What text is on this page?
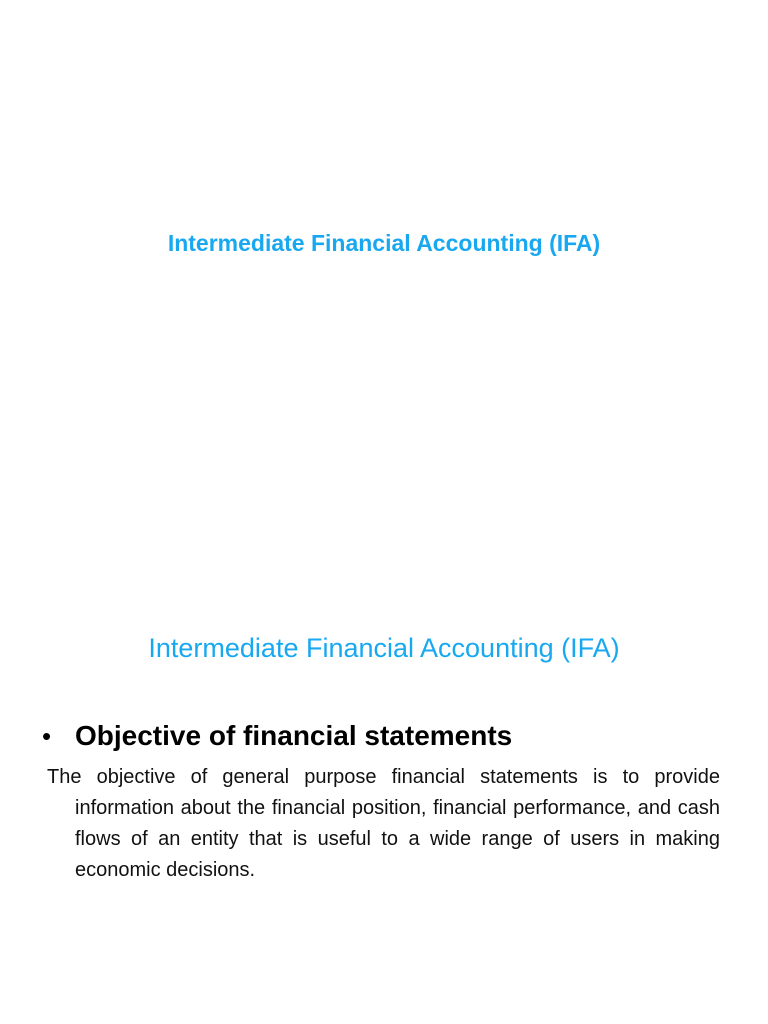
Intermediate Financial Accounting (IFA)
Intermediate Financial Accounting (IFA)
• Objective of financial statements

The objective of general purpose financial statements is to provide information about the financial position, financial performance, and cash flows of an entity that is useful to a wide range of users in making economic decisions.
